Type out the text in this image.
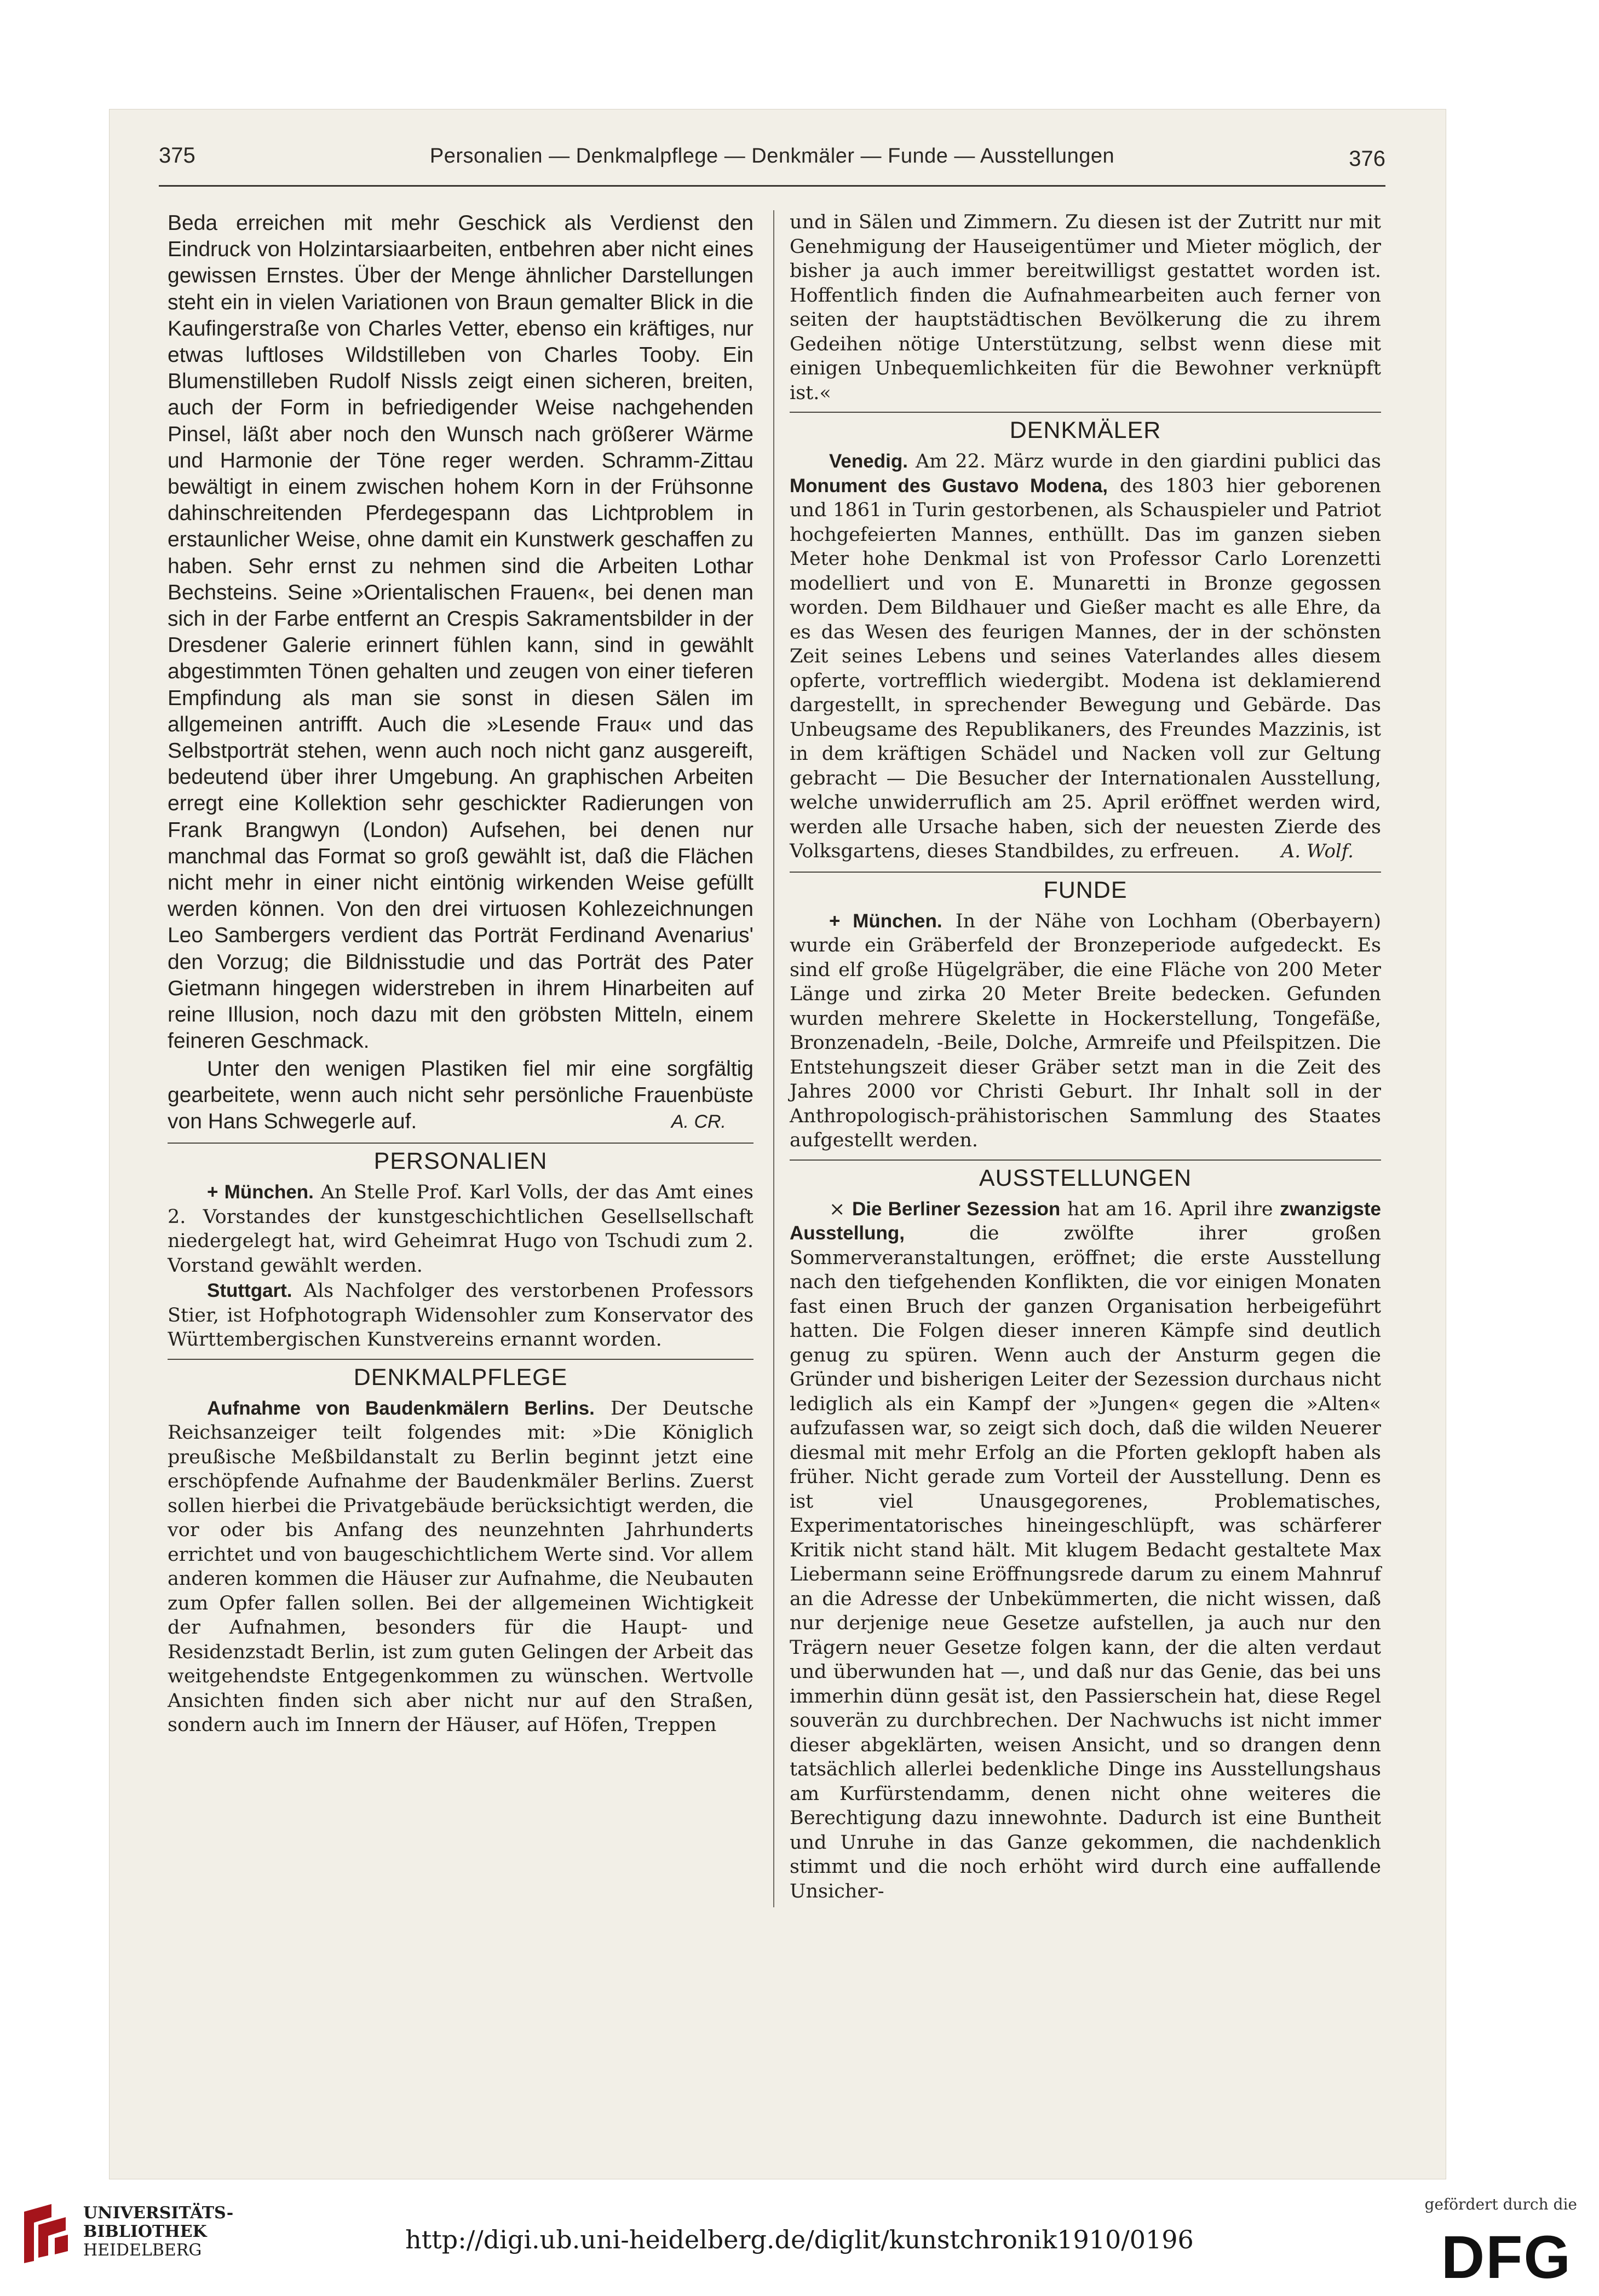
375	Personalien — Denkmalpflege — Denkmäler — Funde — Ausstellungen	376

Beda erreichen mit mehr Geschick als Verdienst den Eindruck von Holzintarsiaarbeiten, entbehren aber nicht eines gewissen Ernstes. Über der Menge ähnlicher Darstellungen steht ein in vielen Variationen von Braun gemalter Blick in die Kaufingerstraße von Charles Vetter, ebenso ein kräftiges, nur etwas luftloses Wildstilleben von Charles Tooby. Ein Blumenstilleben Rudolf Nissls zeigt einen sicheren, breiten, auch der Form in befriedigender Weise nachgehenden Pinsel, läßt aber noch den Wunsch nach größerer Wärme und Harmonie der Töne reger werden. Schramm-Zittau bewältigt in einem zwischen hohem Korn in der Frühsonne dahinschreitenden Pferdegespann das Lichtproblem in erstaunlicher Weise, ohne damit ein Kunstwerk geschaffen zu haben. Sehr ernst zu nehmen sind die Arbeiten Lothar Bechsteins. Seine »Orientalischen Frauen«, bei denen man sich in der Farbe entfernt an Crespis Sakramentsbilder in der Dresdener Galerie erinnert fühlen kann, sind in gewählt abgestimmten Tönen gehalten und zeugen von einer tieferen Empfindung als man sie sonst in diesen Sälen im allgemeinen antrifft. Auch die »Lesende Frau« und das Selbstporträt stehen, wenn auch noch nicht ganz ausgereift, bedeutend über ihrer Umgebung. An graphischen Arbeiten erregt eine Kollektion sehr geschickter Radierungen von Frank Brangwyn (London) Aufsehen, bei denen nur manchmal das Format so groß gewählt ist, daß die Flächen nicht mehr in einer nicht eintönig wirkenden Weise gefüllt werden können. Von den drei virtuosen Kohlezeichnungen Leo Sambergers verdient das Porträt Ferdinand Avenarius' den Vorzug; die Bildnisstudie und das Porträt des Pater Gietmann hingegen widerstreben in ihrem Hinarbeiten auf reine Illusion, noch dazu mit den gröbsten Mitteln, einem feineren Geschmack.

Unter den wenigen Plastiken fiel mir eine sorgfältig gearbeitete, wenn auch nicht sehr persönliche Frauenbüste von Hans Schwegerle auf.	A. CR.

PERSONALIEN

+ München. An Stelle Prof. Karl Volls, der das Amt eines 2. Vorstandes der kunstgeschichtlichen Gesellsellschaft niedergelegt hat, wird Geheimrat Hugo von Tschudi zum 2. Vorstand gewählt werden.

Stuttgart. Als Nachfolger des verstorbenen Professors Stier, ist Hofphotograph Widensohler zum Konservator des Württembergischen Kunstvereins ernannt worden.

DENKMALPFLEGE

Aufnahme von Baudenkmälern Berlins. Der Deutsche Reichsanzeiger teilt folgendes mit: »Die Königlich preußische Meßbildanstalt zu Berlin beginnt jetzt eine erschöpfende Aufnahme der Baudenkmäler Berlins. Zuerst sollen hierbei die Privatgebäude berücksichtigt werden, die vor oder bis Anfang des neunzehnten Jahrhunderts errichtet und von baugeschichtlichem Werte sind. Vor allem anderen kommen die Häuser zur Aufnahme, die Neubauten zum Opfer fallen sollen. Bei der allgemeinen Wichtigkeit der Aufnahmen, besonders für die Haupt- und Residenzstadt Berlin, ist zum guten Gelingen der Arbeit das weitgehendste Entgegenkommen zu wünschen. Wertvolle Ansichten finden sich aber nicht nur auf den Straßen, sondern auch im Innern der Häuser, auf Höfen, Treppen

und in Sälen und Zimmern. Zu diesen ist der Zutritt nur mit Genehmigung der Hauseigentümer und Mieter möglich, der bisher ja auch immer bereitwilligst gestattet worden ist. Hoffentlich finden die Aufnahmearbeiten auch ferner von seiten der hauptstädtischen Bevölkerung die zu ihrem Gedeihen nötige Unterstützung, selbst wenn diese mit einigen Unbequemlichkeiten für die Bewohner verknüpft ist.«

DENKMÄLER

Venedig. Am 22. März wurde in den giardini publici das Monument des Gustavo Modena, des 1803 hier geborenen und 1861 in Turin gestorbenen, als Schauspieler und Patriot hochgefeierten Mannes, enthüllt. Das im ganzen sieben Meter hohe Denkmal ist von Professor Carlo Lorenzetti modelliert und von E. Munaretti in Bronze gegossen worden. Dem Bildhauer und Gießer macht es alle Ehre, da es das Wesen des feurigen Mannes, der in der schönsten Zeit seines Lebens und seines Vaterlandes alles diesem opferte, vortrefflich wiedergibt. Modena ist deklamierend dargestellt, in sprechender Bewegung und Gebärde. Das Unbeugsame des Republikaners, des Freundes Mazzinis, ist in dem kräftigen Schädel und Nacken voll zur Geltung gebracht — Die Besucher der Internationalen Ausstellung, welche unwiderruflich am 25. April eröffnet werden wird, werden alle Ursache haben, sich der neuesten Zierde des Volksgartens, dieses Standbildes, zu erfreuen.	A. Wolf.

FUNDE

+ München. In der Nähe von Lochham (Oberbayern) wurde ein Gräberfeld der Bronzeperiode aufgedeckt. Es sind elf große Hügelgräber, die eine Fläche von 200 Meter Länge und zirka 20 Meter Breite bedecken. Gefunden wurden mehrere Skelette in Hockerstellung, Tongefäße, Bronzenadeln, -Beile, Dolche, Armreife und Pfeilspitzen. Die Entstehungszeit dieser Gräber setzt man in die Zeit des Jahres 2000 vor Christi Geburt. Ihr Inhalt soll in der Anthropologisch-prähistorischen Sammlung des Staates aufgestellt werden.

AUSSTELLUNGEN

× Die Berliner Sezession hat am 16. April ihre zwanzigste Ausstellung,	die zwölfte ihrer großen Sommerveranstaltungen, eröffnet; die erste Ausstellung nach den tiefgehenden Konflikten, die vor einigen Monaten fast einen Bruch der ganzen Organisation herbeigeführt hatten. Die Folgen dieser inneren Kämpfe sind deutlich genug zu spüren. Wenn auch der Ansturm gegen die Gründer und bisherigen Leiter der Sezession durchaus nicht lediglich als ein Kampf der »Jungen« gegen die »Alten« aufzufassen war, so zeigt sich doch, daß die wilden Neuerer diesmal mit mehr Erfolg an die Pforten geklopft haben als früher. Nicht gerade zum Vorteil der Ausstellung. Denn es ist viel Unausgegorenes, Problematisches, Experimentatorisches hineingeschlüpft, was schärferer Kritik nicht stand hält. Mit klugem Bedacht gestaltete Max Liebermann seine Eröffnungsrede darum zu einem Mahnruf an die Adresse der Unbekümmerten, die nicht wissen, daß nur derjenige neue Gesetze aufstellen, ja auch nur den Trägern neuer Gesetze folgen kann, der die alten verdaut und überwunden hat —, und daß nur das Genie, das bei uns immerhin dünn gesät ist, den Passierschein hat, diese Regel souverän zu durchbrechen. Der Nachwuchs ist nicht immer dieser abgeklärten, weisen Ansicht, und so drangen denn tatsächlich allerlei bedenkliche Dinge ins Ausstellungshaus am Kurfürstendamm, denen nicht ohne weiteres die Berechtigung dazu innewohnte. Dadurch ist eine Buntheit und Unruhe in das Ganze gekommen, die nachdenklich stimmt und die noch erhöht wird durch eine auffallende Unsicher-

UNIVERSITÄTS-
BIBLIOTHEK
HEIDELBERG	http://digi.ub.uni-heidelberg.de/diglit/kunstchronik1910/0196
gefördert durch die
DFG
